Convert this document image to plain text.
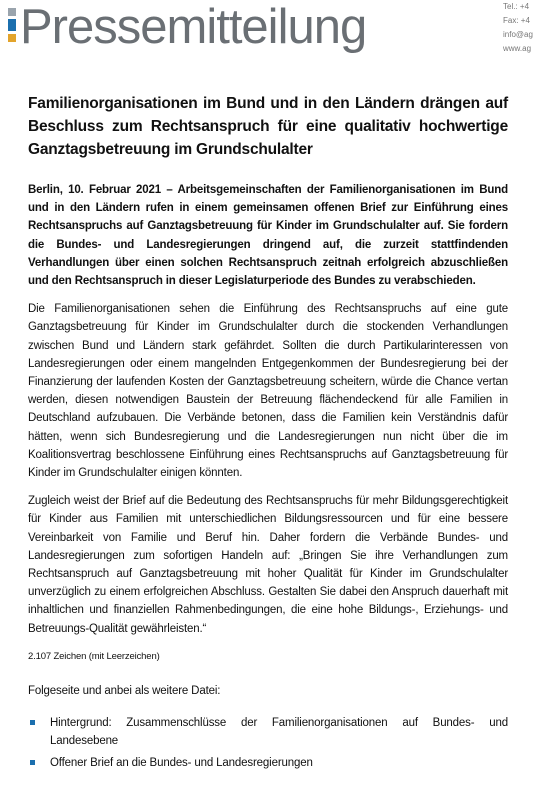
Pressemitteilung	Tel.: +4
Fax: +4
info@ag
www.ag
Familienorganisationen im Bund und in den Ländern drängen auf Beschluss zum Rechtsanspruch für eine qualitativ hochwertige Ganztagsbetreuung im Grundschulalter

Berlin, 10. Februar 2021 – Arbeitsgemeinschaften der Familienorganisationen im Bund und in den Ländern rufen in einem gemeinsamen offenen Brief zur Einführung eines Rechtsanspruchs auf Ganztagsbetreuung für Kinder im Grundschulalter auf. Sie fordern die Bundes- und Landesregierungen dringend auf, die zurzeit stattfindenden Verhandlungen über einen solchen Rechtsanspruch zeitnah erfolgreich abzuschließen und den Rechtsanspruch in dieser Legislaturperiode des Bundes zu verabschieden.

Die Familienorganisationen sehen die Einführung des Rechtsanspruchs auf eine gute Ganztagsbetreuung für Kinder im Grundschulalter durch die stockenden Verhandlungen zwischen Bund und Ländern stark gefährdet. Sollten die durch Partikularinteressen von Landesregierungen oder einem mangelnden Entgegenkommen der Bundesregierung bei der Finanzierung der laufenden Kosten der Ganztagsbetreuung scheitern, würde die Chance vertan werden, diesen notwendigen Baustein der Betreuung flächendeckend für alle Familien in Deutschland aufzubauen. Die Verbände betonen, dass die Familien kein Verständnis dafür hätten, wenn sich Bundesregierung und die Landesregierungen nun nicht über die im Koalitionsvertrag beschlossene Einführung eines Rechtsanspruchs auf Ganztagsbetreuung für Kinder im Grundschulalter einigen könnten.

Zugleich weist der Brief auf die Bedeutung des Rechtsanspruchs für mehr Bildungsgerechtigkeit für Kinder aus Familien mit unterschiedlichen Bildungsressourcen und für eine bessere Vereinbarkeit von Familie und Beruf hin. Daher fordern die Verbände Bundes- und Landesregierungen zum sofortigen Handeln auf: „Bringen Sie ihre Verhandlungen zum Rechtsanspruch auf Ganztagsbetreuung mit hoher Qualität für Kinder im Grundschulalter unverzüglich zu einem erfolgreichen Abschluss. Gestalten Sie dabei den Anspruch dauerhaft mit inhaltlichen und finanziellen Rahmenbedingungen, die eine hohe Bildungs-, Erziehungs- und Betreuungs-Qualität gewährleisten.“

2.107 Zeichen (mit Leerzeichen)

Folgeseite und anbei als weitere Datei:

Hintergrund: Zusammenschlüsse der Familienorganisationen auf Bundes- und Landesebene
Offener Brief an die Bundes- und Landesregierungen
